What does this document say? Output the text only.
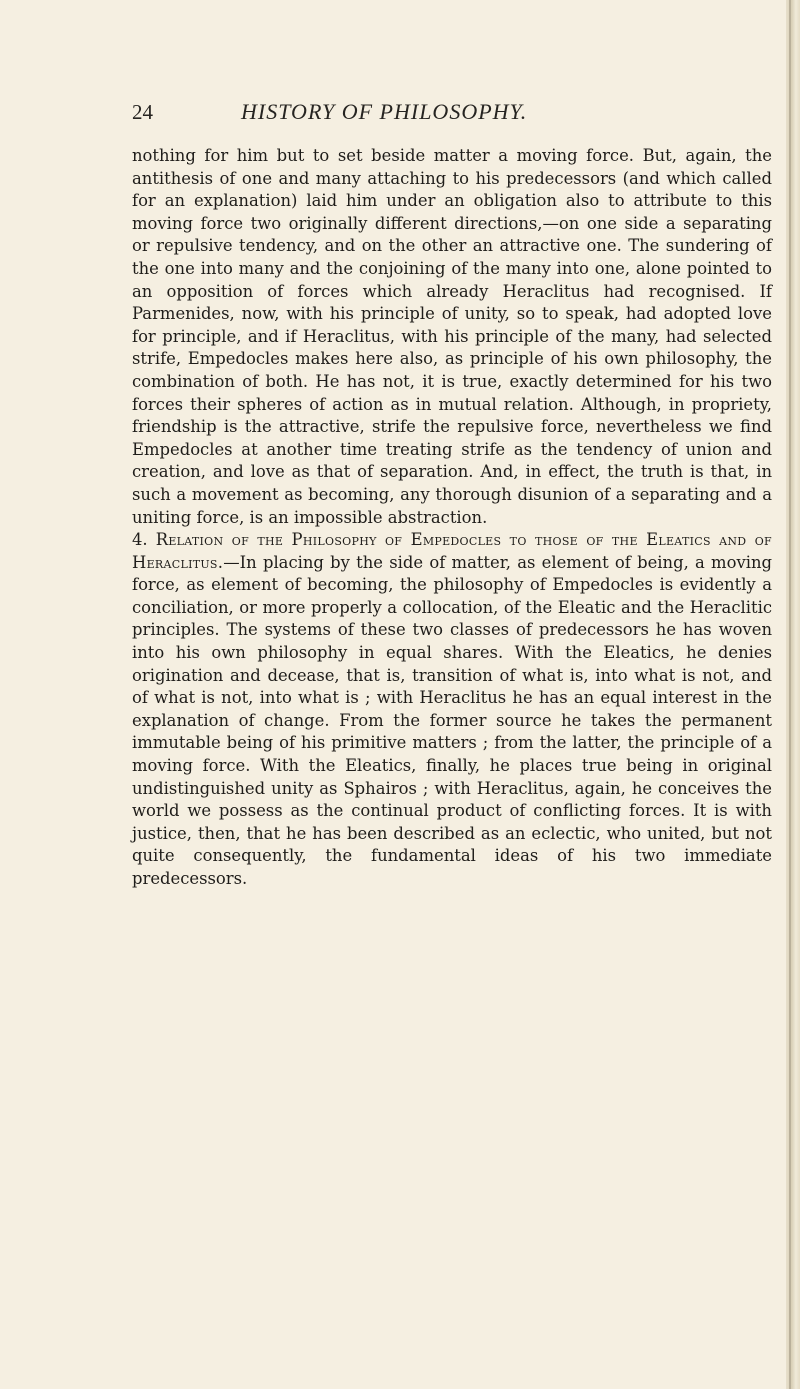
24	HISTORY OF PHILOSOPHY.

nothing for him but to set beside matter a moving force. But, again, the antithesis of one and many attaching to his predecessors (and which called for an explanation) laid him under an obligation also to attribute to this moving force two originally different directions,—on one side a separating or repulsive tendency, and on the other an attractive one. The sundering of the one into many and the conjoining of the many into one, alone pointed to an opposition of forces which already Heraclitus had recognised. If Parmenides, now, with his principle of unity, so to speak, had adopted love for principle, and if Heraclitus, with his principle of the many, had selected strife, Empedocles makes here also, as principle of his own philosophy, the combination of both. He has not, it is true, exactly determined for his two forces their spheres of action as in mutual relation. Although, in propriety, friendship is the attractive, strife the repulsive force, nevertheless we find Empedocles at another time treating strife as the tendency of union and creation, and love as that of separation. And, in effect, the truth is that, in such a movement as becoming, any thorough disunion of a separating and a uniting force, is an impossible abstraction.

4. Relation of the Philosophy of Empedocles to those of the Eleatics and of Heraclitus.—In placing by the side of matter, as element of being, a moving force, as element of becoming, the philosophy of Empedocles is evidently a conciliation, or more properly a collocation, of the Eleatic and the Heraclitic principles. The systems of these two classes of predecessors he has woven into his own philosophy in equal shares. With the Eleatics, he denies origination and decease, that is, transition of what is, into what is not, and of what is not, into what is ; with Heraclitus he has an equal interest in the explanation of change. From the former source he takes the permanent immutable being of his primitive matters ; from the latter, the principle of a moving force. With the Eleatics, finally, he places true being in original undistinguished unity as Sphairos ; with Heraclitus, again, he conceives the world we possess as the continual product of conflicting forces. It is with justice, then, that he has been described as an eclectic, who united, but not quite consequently, the fundamental ideas of his two immediate predecessors.
